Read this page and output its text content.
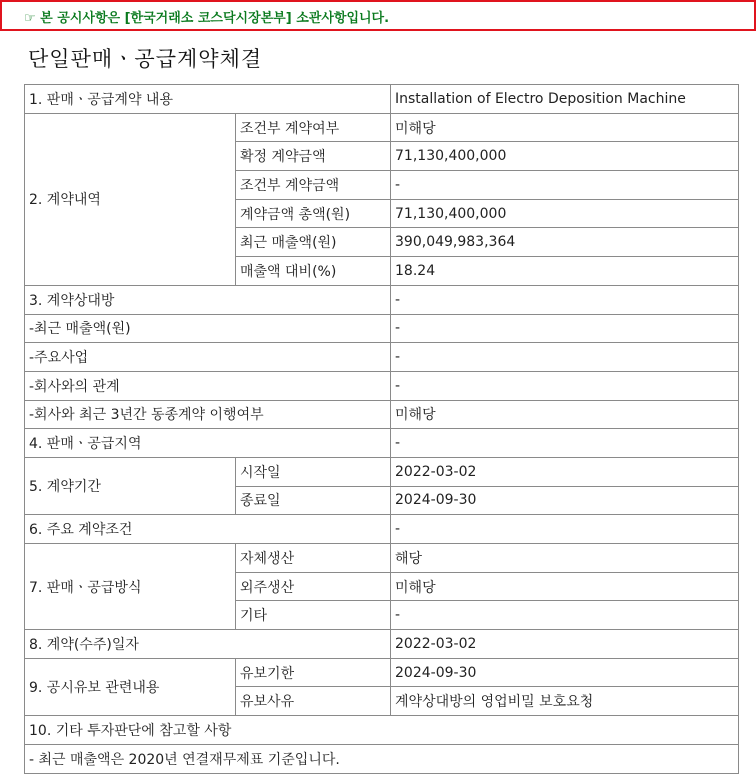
☞ 본 공시사항은 [한국거래소 코스닥시장본부] 소관사항입니다.
단일판매ㆍ공급계약체결
1. 판매ㆍ공급계약 내용		Installation of Electro Deposition Machine
2. 계약내역	조건부 계약여부	미해당
	확정 계약금액	71,130,400,000
	조건부 계약금액	-
	계약금액 총액(원)	71,130,400,000
	최근 매출액(원)	390,049,983,364
	매출액 대비(%)	18.24
3. 계약상대방		-
-최근 매출액(원)		-
-주요사업		-
-회사와의 관계		-
-회사와 최근 3년간 동종계약 이행여부		미해당
4. 판매ㆍ공급지역		-
5. 계약기간	시작일	2022-03-02
	종료일	2024-09-30
6. 주요 계약조건		-
7. 판매ㆍ공급방식	자체생산	해당
	외주생산	미해당
	기타	-
8. 계약(수주)일자		2022-03-02
9. 공시유보 관련내용	유보기한	2024-09-30
	유보사유	계약상대방의 영업비밀 보호요청
10. 기타 투자판단에 참고할 사항		
- 최근 매출액은 2020년 연결재무제표 기준입니다.		
